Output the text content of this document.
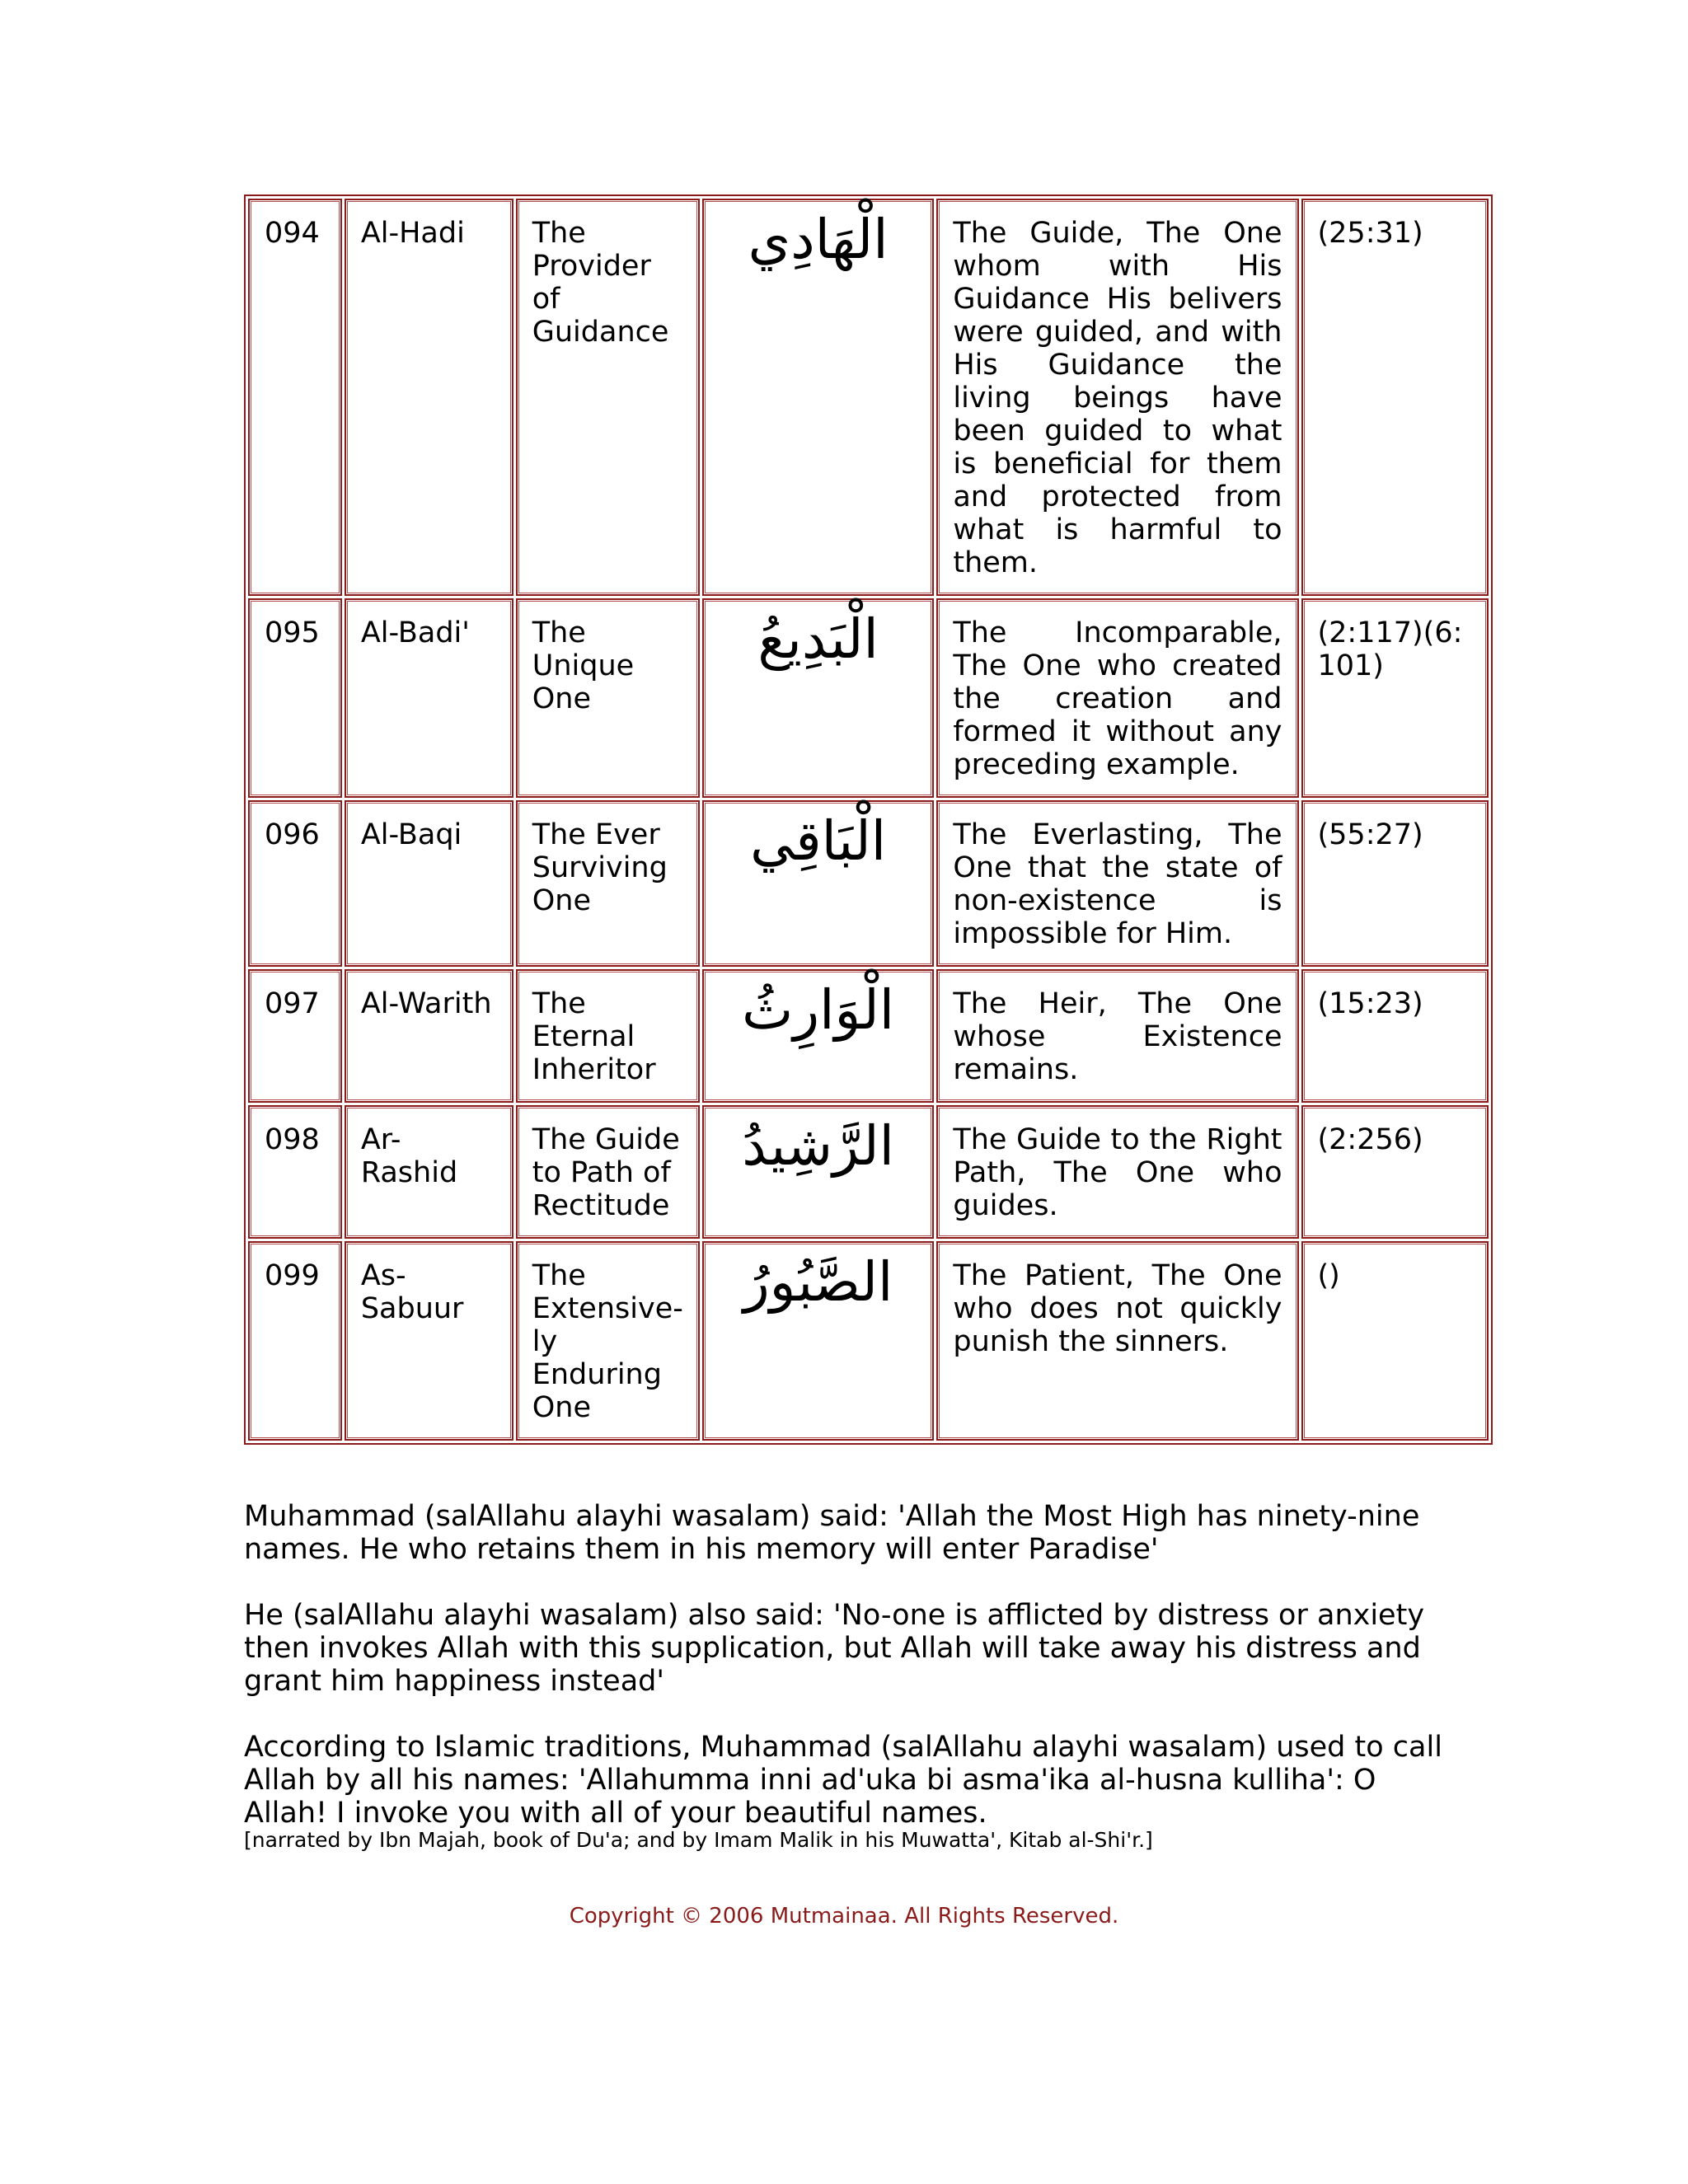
094	Al-Hadi	The Provider of Guidance	الْهَادِي	The Guide, The One whom with His Guidance His belivers were guided, and with His Guidance the living beings have been guided to what is beneficial for them and protected from what is harmful to them.	(25:31)
095	Al-Badi'	The Unique One	الْبَدِيعُ	The Incomparable, The One who created the creation and formed it without any preceding example.	(2:117)(6:101)
096	Al-Baqi	The Ever Surviving One	الْبَاقِي	The Everlasting, The One that the state of non-existence is impossible for Him.	(55:27)
097	Al-Warith	The Eternal Inheritor	الْوَارِثُ	The Heir, The One whose Existence remains.	(15:23)
098	Ar-Rashid	The Guide to Path of Rectitude	الرَّشِيدُ	The Guide to the Right Path, The One who guides.	(2:256)
099	As-Sabuur	The Extensive-ly Enduring One	الصَّبُورُ	The Patient, The One who does not quickly punish the sinners.	()

Muhammad (salAllahu alayhi wasalam) said: 'Allah the Most High has ninety-nine names. He who retains them in his memory will enter Paradise'

He (salAllahu alayhi wasalam) also said: 'No-one is afflicted by distress or anxiety then invokes Allah with this supplication, but Allah will take away his distress and grant him happiness instead'

According to Islamic traditions, Muhammad (salAllahu alayhi wasalam) used to call Allah by all his names: 'Allahumma inni ad'uka bi asma'ika al-husna kulliha': O Allah! I invoke you with all of your beautiful names.

[narrated by Ibn Majah, book of Du'a; and by Imam Malik in his Muwatta', Kitab al-Shi'r.]

Copyright © 2006 Mutmainaa. All Rights Reserved.
